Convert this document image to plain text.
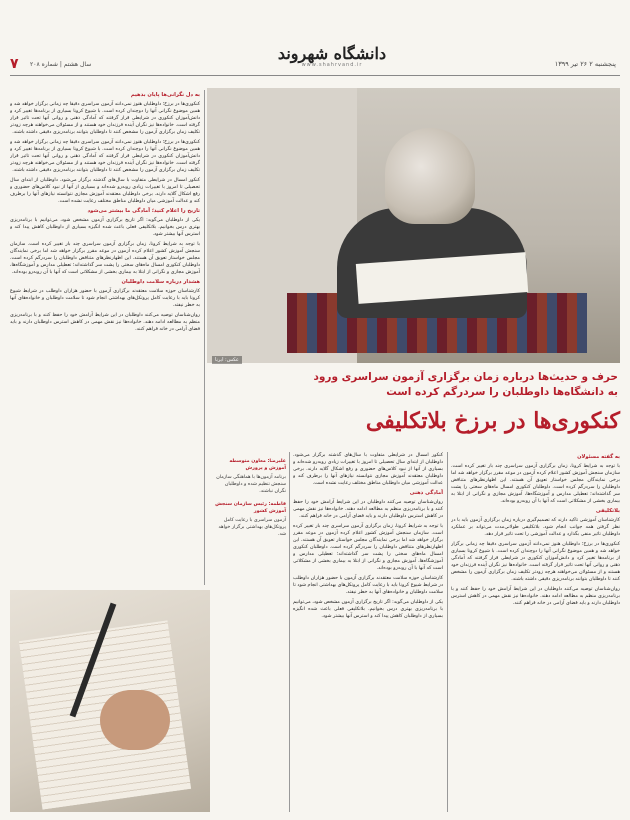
پنجشنبه ۲ ۲۶ تیر ۱۳۹۹
دانشگاه شهروند
www.shahrvand.ir
سال هشتم | شماره ۲۰۸
۷
عکس: ایرنا
حرف و حدیث‌ها درباره زمان برگزاری آزمون سراسری ورود به دانشگاه‌ها داوطلبان را سردرگم کرده است
کنکوری‌ها در برزخ بلاتکلیفی
به دل نگرانی‌ها پایان بدهیم

کنکوری‌ها در برزخ؛ داوطلبان هنوز نمی‌دانند آزمون سراسری دقیقا چه زمانی برگزار خواهد شد و همین موضوع نگرانی آنها را دوچندان کرده است. با شیوع کرونا بسیاری از برنامه‌ها تغییر کرد و دانش‌آموزان کنکوری در شرایطی قرار گرفتند که آمادگی ذهنی و روانی آنها تحت تاثیر قرار گرفته است. خانواده‌ها نیز نگران آینده فرزندان خود هستند و از مسئولان می‌خواهند هرچه زودتر تکلیف زمان برگزاری آزمون را مشخص کنند تا داوطلبان بتوانند برنامه‌ریزی دقیقی داشته باشند.

کنکوری‌ها در برزخ؛ داوطلبان هنوز نمی‌دانند آزمون سراسری دقیقا چه زمانی برگزار خواهد شد و همین موضوع نگرانی آنها را دوچندان کرده است. با شیوع کرونا بسیاری از برنامه‌ها تغییر کرد و دانش‌آموزان کنکوری در شرایطی قرار گرفتند که آمادگی ذهنی و روانی آنها تحت تاثیر قرار گرفته است. خانواده‌ها نیز نگران آینده فرزندان خود هستند و از مسئولان می‌خواهند هرچه زودتر تکلیف زمان برگزاری آزمون را مشخص کنند تا داوطلبان بتوانند برنامه‌ریزی دقیقی داشته باشند.

کنکور امسال در شرایطی متفاوت با سال‌های گذشته برگزار می‌شود. داوطلبان از ابتدای سال تحصیلی تا امروز با تغییرات زیادی روبه‌رو شده‌اند و بسیاری از آنها از نبود کلاس‌های حضوری و رفع اشکال گلایه دارند. برخی داوطلبان معتقدند آموزش مجازی نتوانسته نیازهای آنها را برطرف کند و عدالت آموزشی میان داوطلبان مناطق مختلف رعایت نشده است.

تاریخ را اعلام کنید؛ آمادگی ما بیشتر می‌شود

یکی از داوطلبان می‌گوید: اگر تاریخ برگزاری آزمون مشخص شود، می‌توانیم با برنامه‌ریزی بهتری درس بخوانیم. بلاتکلیفی فعلی باعث شده انگیزه بسیاری از داوطلبان کاهش پیدا کند و استرس آنها بیشتر شود.

با توجه به شرایط کرونا، زمان برگزاری آزمون سراسری چند بار تغییر کرده است. سازمان سنجش آموزش کشور اعلام کرده آزمون در موعد مقرر برگزار خواهد شد اما برخی نمایندگان مجلس خواستار تعویق آن هستند. این اظهارنظرهای متناقض داوطلبان را سردرگم کرده است. داوطلبان کنکوری امسال ماه‌های سختی را پشت سر گذاشته‌اند؛ تعطیلی مدارس و آموزشگاه‌ها، آموزش مجازی و نگرانی از ابتلا به بیماری بخشی از مشکلاتی است که آنها با آن روبه‌رو بوده‌اند.

هشدار درباره سلامت داوطلبان

کارشناسان حوزه سلامت معتقدند برگزاری آزمون با حضور هزاران داوطلب در شرایط شیوع کرونا باید با رعایت کامل پروتکل‌های بهداشتی انجام شود تا سلامت داوطلبان و خانواده‌های آنها به خطر نیفتد.

روان‌شناسان توصیه می‌کنند داوطلبان در این شرایط آرامش خود را حفظ کنند و با برنامه‌ریزی منظم به مطالعه ادامه دهند. خانواده‌ها نیز نقش مهمی در کاهش استرس داوطلبان دارند و باید فضای آرامی در خانه فراهم کنند.

علیرضا: معاون متوسطه آموزش و پرورش
برنامه آزمون‌ها با هماهنگی سازمان سنجش تنظیم شده و داوطلبان نگران نباشند.
فاطمه: رئیس سازمان سنجش آموزش کشور
آزمون سراسری با رعایت کامل پروتکل‌های بهداشتی برگزار خواهد شد.

کنکور امسال در شرایطی متفاوت با سال‌های گذشته برگزار می‌شود. داوطلبان از ابتدای سال تحصیلی تا امروز با تغییرات زیادی روبه‌رو شده‌اند و بسیاری از آنها از نبود کلاس‌های حضوری و رفع اشکال گلایه دارند. برخی داوطلبان معتقدند آموزش مجازی نتوانسته نیازهای آنها را برطرف کند و عدالت آموزشی میان داوطلبان مناطق مختلف رعایت نشده است.

آمادگی ذهنی

روان‌شناسان توصیه می‌کنند داوطلبان در این شرایط آرامش خود را حفظ کنند و با برنامه‌ریزی منظم به مطالعه ادامه دهند. خانواده‌ها نیز نقش مهمی در کاهش استرس داوطلبان دارند و باید فضای آرامی در خانه فراهم کنند.

با توجه به شرایط کرونا، زمان برگزاری آزمون سراسری چند بار تغییر کرده است. سازمان سنجش آموزش کشور اعلام کرده آزمون در موعد مقرر برگزار خواهد شد اما برخی نمایندگان مجلس خواستار تعویق آن هستند. این اظهارنظرهای متناقض داوطلبان را سردرگم کرده است. داوطلبان کنکوری امسال ماه‌های سختی را پشت سر گذاشته‌اند؛ تعطیلی مدارس و آموزشگاه‌ها، آموزش مجازی و نگرانی از ابتلا به بیماری بخشی از مشکلاتی است که آنها با آن روبه‌رو بوده‌اند.

کارشناسان حوزه سلامت معتقدند برگزاری آزمون با حضور هزاران داوطلب در شرایط شیوع کرونا باید با رعایت کامل پروتکل‌های بهداشتی انجام شود تا سلامت داوطلبان و خانواده‌های آنها به خطر نیفتد.

یکی از داوطلبان می‌گوید: اگر تاریخ برگزاری آزمون مشخص شود، می‌توانیم با برنامه‌ریزی بهتری درس بخوانیم. بلاتکلیفی فعلی باعث شده انگیزه بسیاری از داوطلبان کاهش پیدا کند و استرس آنها بیشتر شود.

به گفته مسئولان

با توجه به شرایط کرونا، زمان برگزاری آزمون سراسری چند بار تغییر کرده است. سازمان سنجش آموزش کشور اعلام کرده آزمون در موعد مقرر برگزار خواهد شد اما برخی نمایندگان مجلس خواستار تعویق آن هستند. این اظهارنظرهای متناقض داوطلبان را سردرگم کرده است. داوطلبان کنکوری امسال ماه‌های سختی را پشت سر گذاشته‌اند؛ تعطیلی مدارس و آموزشگاه‌ها، آموزش مجازی و نگرانی از ابتلا به بیماری بخشی از مشکلاتی است که آنها با آن روبه‌رو بوده‌اند.

بلاتکلیفی

کارشناسان آموزشی تاکید دارند که تصمیم‌گیری درباره زمان برگزاری آزمون باید با در نظر گرفتن همه جوانب انجام شود. بلاتکلیفی طولانی‌مدت می‌تواند بر عملکرد داوطلبان تاثیر منفی بگذارد و عدالت آموزشی را تحت تاثیر قرار دهد.

کنکوری‌ها در برزخ؛ داوطلبان هنوز نمی‌دانند آزمون سراسری دقیقا چه زمانی برگزار خواهد شد و همین موضوع نگرانی آنها را دوچندان کرده است. با شیوع کرونا بسیاری از برنامه‌ها تغییر کرد و دانش‌آموزان کنکوری در شرایطی قرار گرفتند که آمادگی ذهنی و روانی آنها تحت تاثیر قرار گرفته است. خانواده‌ها نیز نگران آینده فرزندان خود هستند و از مسئولان می‌خواهند هرچه زودتر تکلیف زمان برگزاری آزمون را مشخص کنند تا داوطلبان بتوانند برنامه‌ریزی دقیقی داشته باشند.

روان‌شناسان توصیه می‌کنند داوطلبان در این شرایط آرامش خود را حفظ کنند و با برنامه‌ریزی منظم به مطالعه ادامه دهند. خانواده‌ها نیز نقش مهمی در کاهش استرس داوطلبان دارند و باید فضای آرامی در خانه فراهم کنند.
